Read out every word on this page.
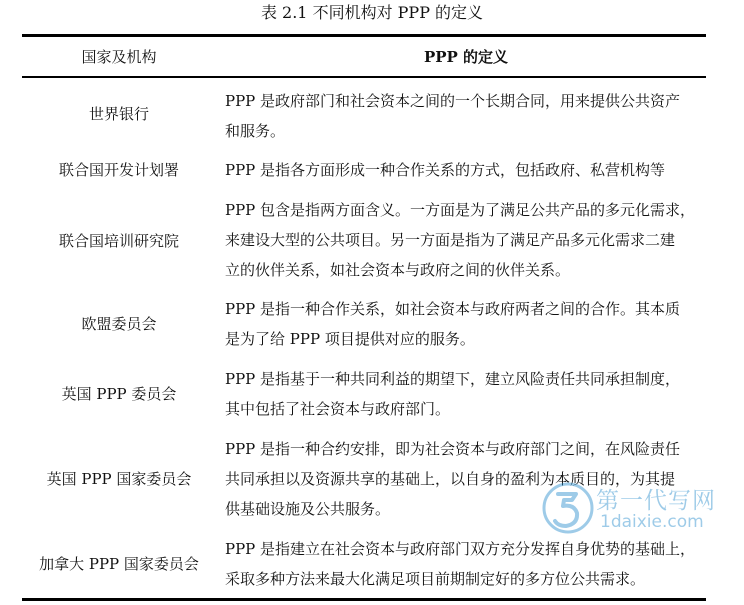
表 2.1 不同机构对 PPP 的定义
国家及机构	PPP 的定义
世界银行
PPP 是政府部门和社会资本之间的一个长期合同，用来提供公共资产
和服务。
联合国开发计划署	PPP 是指各方面形成一种合作关系的方式，包括政府、私营机构等
联合国培训研究院
PPP 包含是指两方面含义。一方面是为了满足公共产品的多元化需求，
来建设大型的公共项目。另一方面是指为了满足产品多元化需求二建
立的伙伴关系，如社会资本与政府之间的伙伴关系。
欧盟委员会
PPP 是指一种合作关系，如社会资本与政府两者之间的合作。其本质
是为了给 PPP 项目提供对应的服务。
英国 PPP 委员会
PPP 是指基于一种共同利益的期望下，建立风险责任共同承担制度，
其中包括了社会资本与政府部门。
英国 PPP 国家委员会
PPP 是指一种合约安排，即为社会资本与政府部门之间，在风险责任
共同承担以及资源共享的基础上，以自身的盈利为本质目的，为其提
供基础设施及公共服务。
加拿大 PPP 国家委员会
PPP 是指建立在社会资本与政府部门双方充分发挥自身优势的基础上，
采取多种方法来最大化满足项目前期制定好的多方位公共需求。
第一代写网
1daixie.com
